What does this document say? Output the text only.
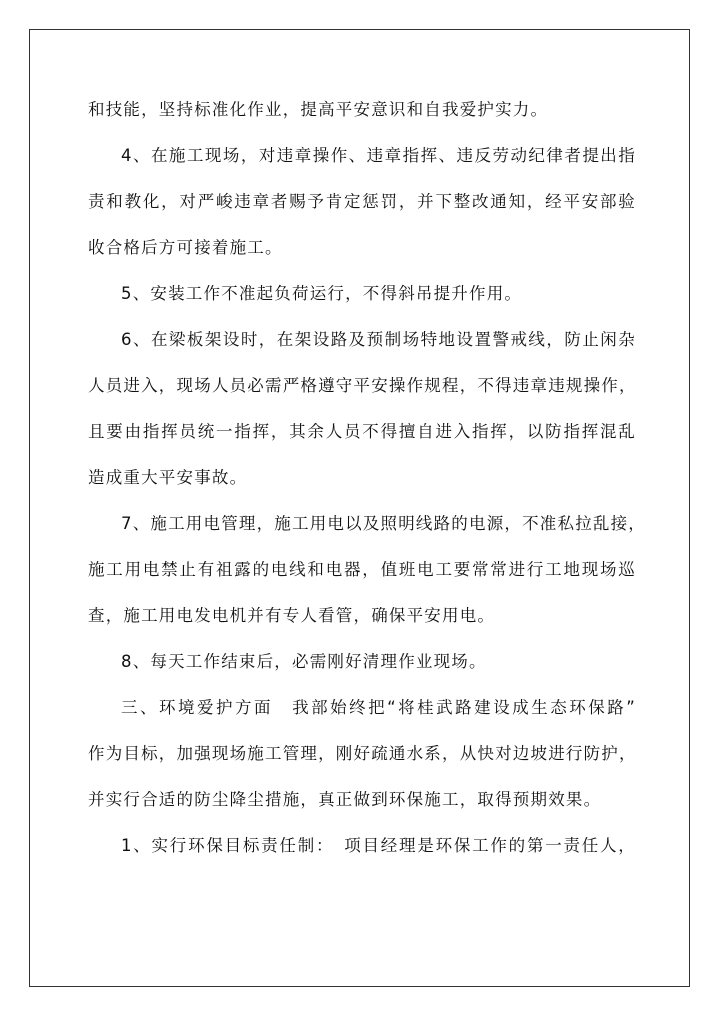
和技能，坚持标准化作业，提高平安意识和自我爱护实力。
4、在施工现场，对违章操作、违章指挥、违反劳动纪律者提出指
责和教化，对严峻违章者赐予肯定惩罚，并下整改通知，经平安部验
收合格后方可接着施工。
5、安装工作不准起负荷运行，不得斜吊提升作用。
6、在梁板架设时，在架设路及预制场特地设置警戒线，防止闲杂
人员进入，现场人员必需严格遵守平安操作规程，不得违章违规操作，
且要由指挥员统一指挥，其余人员不得擅自进入指挥，以防指挥混乱
造成重大平安事故。
7、施工用电管理，施工用电以及照明线路的电源，不准私拉乱接，
施工用电禁止有祖露的电线和电器，值班电工要常常进行工地现场巡
查，施工用电发电机并有专人看管，确保平安用电。
8、每天工作结束后，必需刚好清理作业现场。
三、环境爱护方面　我部始终把“将桂武路建设成生态环保路”
作为目标，加强现场施工管理，刚好疏通水系，从快对边坡进行防护，
并实行合适的防尘降尘措施，真正做到环保施工，取得预期效果。
1、实行环保目标责任制：　项目经理是环保工作的第一责任人，
